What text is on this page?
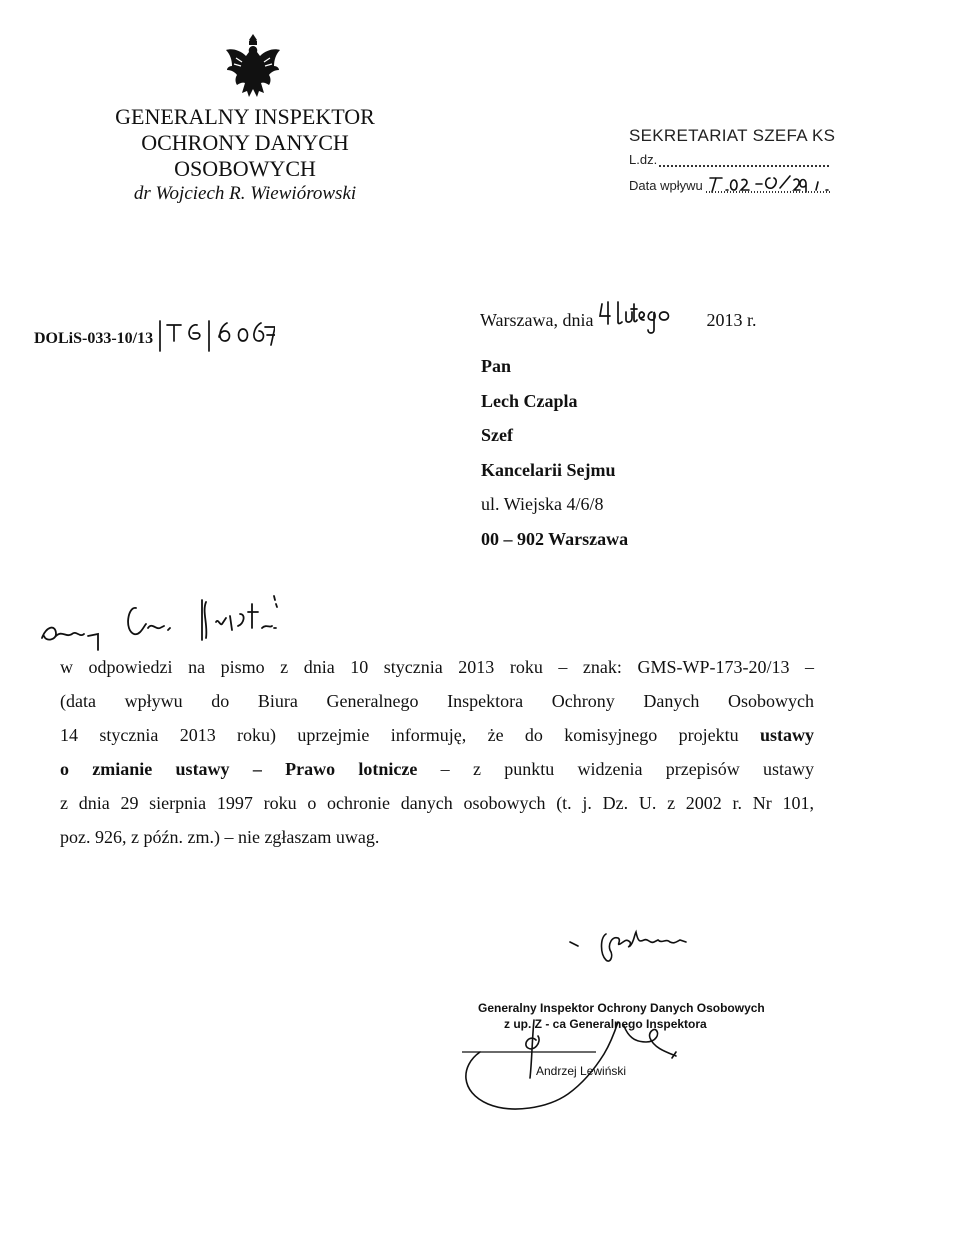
GENERALNY INSPEKTOR
OCHRONY DANYCH
OSOBOWYCH
dr Wojciech R. Wiewiórowski
SEKRETARIAT SZEFA KS
L.dz.
Data wpływu
DOLiS-033-10/13
Warszawa, dnia	2013 r.
Pan
Lech Czapla
Szef
Kancelarii Sejmu
ul. Wiejska 4/6/8
00 – 902 Warszawa
w odpowiedzi na pismo z dnia 10 stycznia 2013 roku – znak: GMS-WP-173-20/13 –
(data wpływu do Biura Generalnego Inspektora Ochrony Danych Osobowych
14 stycznia 2013 roku) uprzejmie informuję, że do komisyjnego projektu ustawy
o zmianie ustawy – Prawo lotnicze – z punktu widzenia przepisów ustawy
z dnia 29 sierpnia 1997 roku o ochronie danych osobowych (t. j. Dz. U. z 2002 r. Nr 101,
poz. 926, z późn. zm.) – nie zgłaszam uwag.
Generalny Inspektor Ochrony Danych Osobowych
z up. Z - ca Generalnego Inspektora
Andrzej Lewiński
